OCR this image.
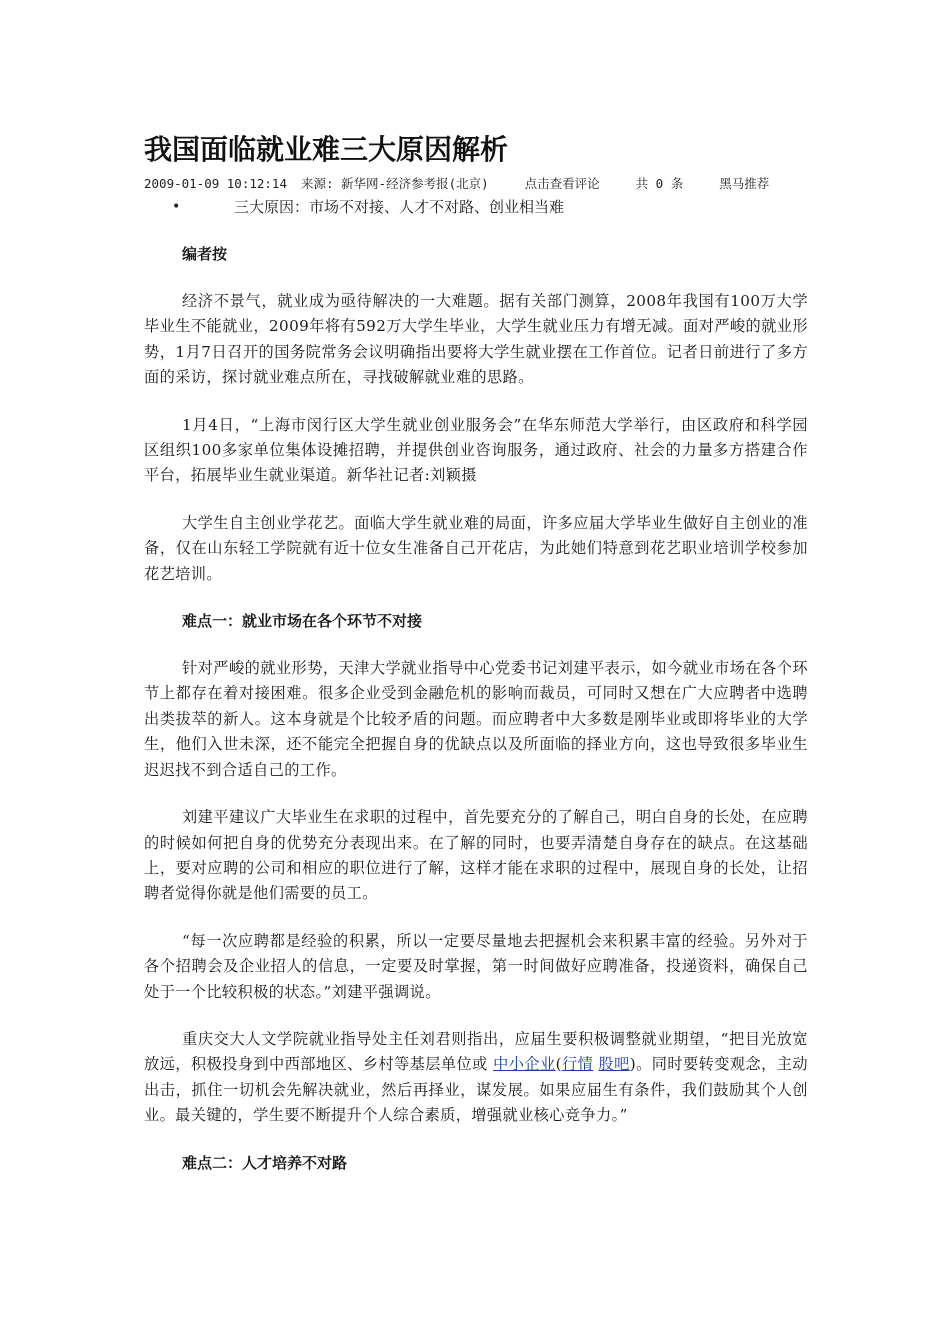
我国面临就业难三大原因解析
2009-01-09 10:12:14 来源: 新华网-经济参考报(北京)	点击查看评论	共 0 条	黑马推荐
•	三大原因：市场不对接、人才不对路、创业相当难

编者按

经济不景气，就业成为亟待解决的一大难题。据有关部门测算，2008年我国有100万大学毕业生不能就业，2009年将有592万大学生毕业，大学生就业压力有增无减。面对严峻的就业形势，1月7日召开的国务院常务会议明确指出要将大学生就业摆在工作首位。记者日前进行了多方面的采访，探讨就业难点所在，寻找破解就业难的思路。

1月4日，“上海市闵行区大学生就业创业服务会”在华东师范大学举行，由区政府和科学园区组织100多家单位集体设摊招聘，并提供创业咨询服务，通过政府、社会的力量多方搭建合作平台，拓展毕业生就业渠道。新华社记者:刘颖摄

大学生自主创业学花艺。面临大学生就业难的局面，许多应届大学毕业生做好自主创业的准备，仅在山东轻工学院就有近十位女生准备自己开花店，为此她们特意到花艺职业培训学校参加花艺培训。

难点一：就业市场在各个环节不对接

针对严峻的就业形势，天津大学就业指导中心党委书记刘建平表示，如今就业市场在各个环节上都存在着对接困难。很多企业受到金融危机的影响而裁员，可同时又想在广大应聘者中选聘出类拔萃的新人。这本身就是个比较矛盾的问题。而应聘者中大多数是刚毕业或即将毕业的大学生，他们入世未深，还不能完全把握自身的优缺点以及所面临的择业方向，这也导致很多毕业生迟迟找不到合适自己的工作。

刘建平建议广大毕业生在求职的过程中，首先要充分的了解自己，明白自身的长处，在应聘的时候如何把自身的优势充分表现出来。在了解的同时，也要弄清楚自身存在的缺点。在这基础上，要对应聘的公司和相应的职位进行了解，这样才能在求职的过程中，展现自身的长处，让招聘者觉得你就是他们需要的员工。

“每一次应聘都是经验的积累，所以一定要尽量地去把握机会来积累丰富的经验。另外对于各个招聘会及企业招人的信息，一定要及时掌握，第一时间做好应聘准备，投递资料，确保自己处于一个比较积极的状态。”刘建平强调说。

重庆交大人文学院就业指导处主任刘君则指出，应届生要积极调整就业期望，“把目光放宽放远，积极投身到中西部地区、乡村等基层单位或 中小企业(行情 股吧)。同时要转变观念，主动出击，抓住一切机会先解决就业，然后再择业，谋发展。如果应届生有条件，我们鼓励其个人创业。最关键的，学生要不断提升个人综合素质，增强就业核心竞争力。”

难点二：人才培养不对路
